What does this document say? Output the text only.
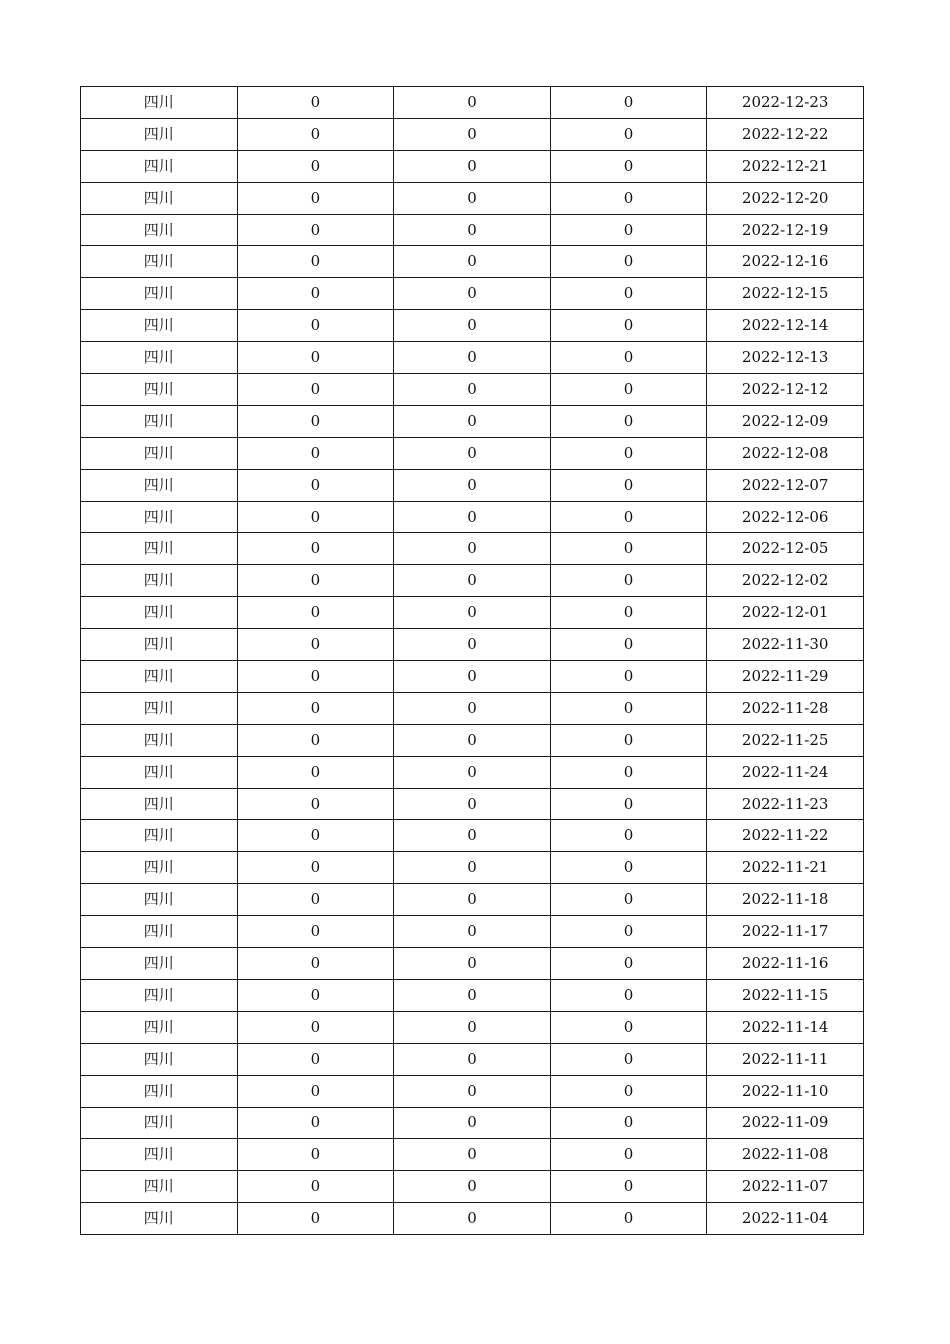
四川	0	0	0	2022-12-23
四川	0	0	0	2022-12-22
四川	0	0	0	2022-12-21
四川	0	0	0	2022-12-20
四川	0	0	0	2022-12-19
四川	0	0	0	2022-12-16
四川	0	0	0	2022-12-15
四川	0	0	0	2022-12-14
四川	0	0	0	2022-12-13
四川	0	0	0	2022-12-12
四川	0	0	0	2022-12-09
四川	0	0	0	2022-12-08
四川	0	0	0	2022-12-07
四川	0	0	0	2022-12-06
四川	0	0	0	2022-12-05
四川	0	0	0	2022-12-02
四川	0	0	0	2022-12-01
四川	0	0	0	2022-11-30
四川	0	0	0	2022-11-29
四川	0	0	0	2022-11-28
四川	0	0	0	2022-11-25
四川	0	0	0	2022-11-24
四川	0	0	0	2022-11-23
四川	0	0	0	2022-11-22
四川	0	0	0	2022-11-21
四川	0	0	0	2022-11-18
四川	0	0	0	2022-11-17
四川	0	0	0	2022-11-16
四川	0	0	0	2022-11-15
四川	0	0	0	2022-11-14
四川	0	0	0	2022-11-11
四川	0	0	0	2022-11-10
四川	0	0	0	2022-11-09
四川	0	0	0	2022-11-08
四川	0	0	0	2022-11-07
四川	0	0	0	2022-11-04
